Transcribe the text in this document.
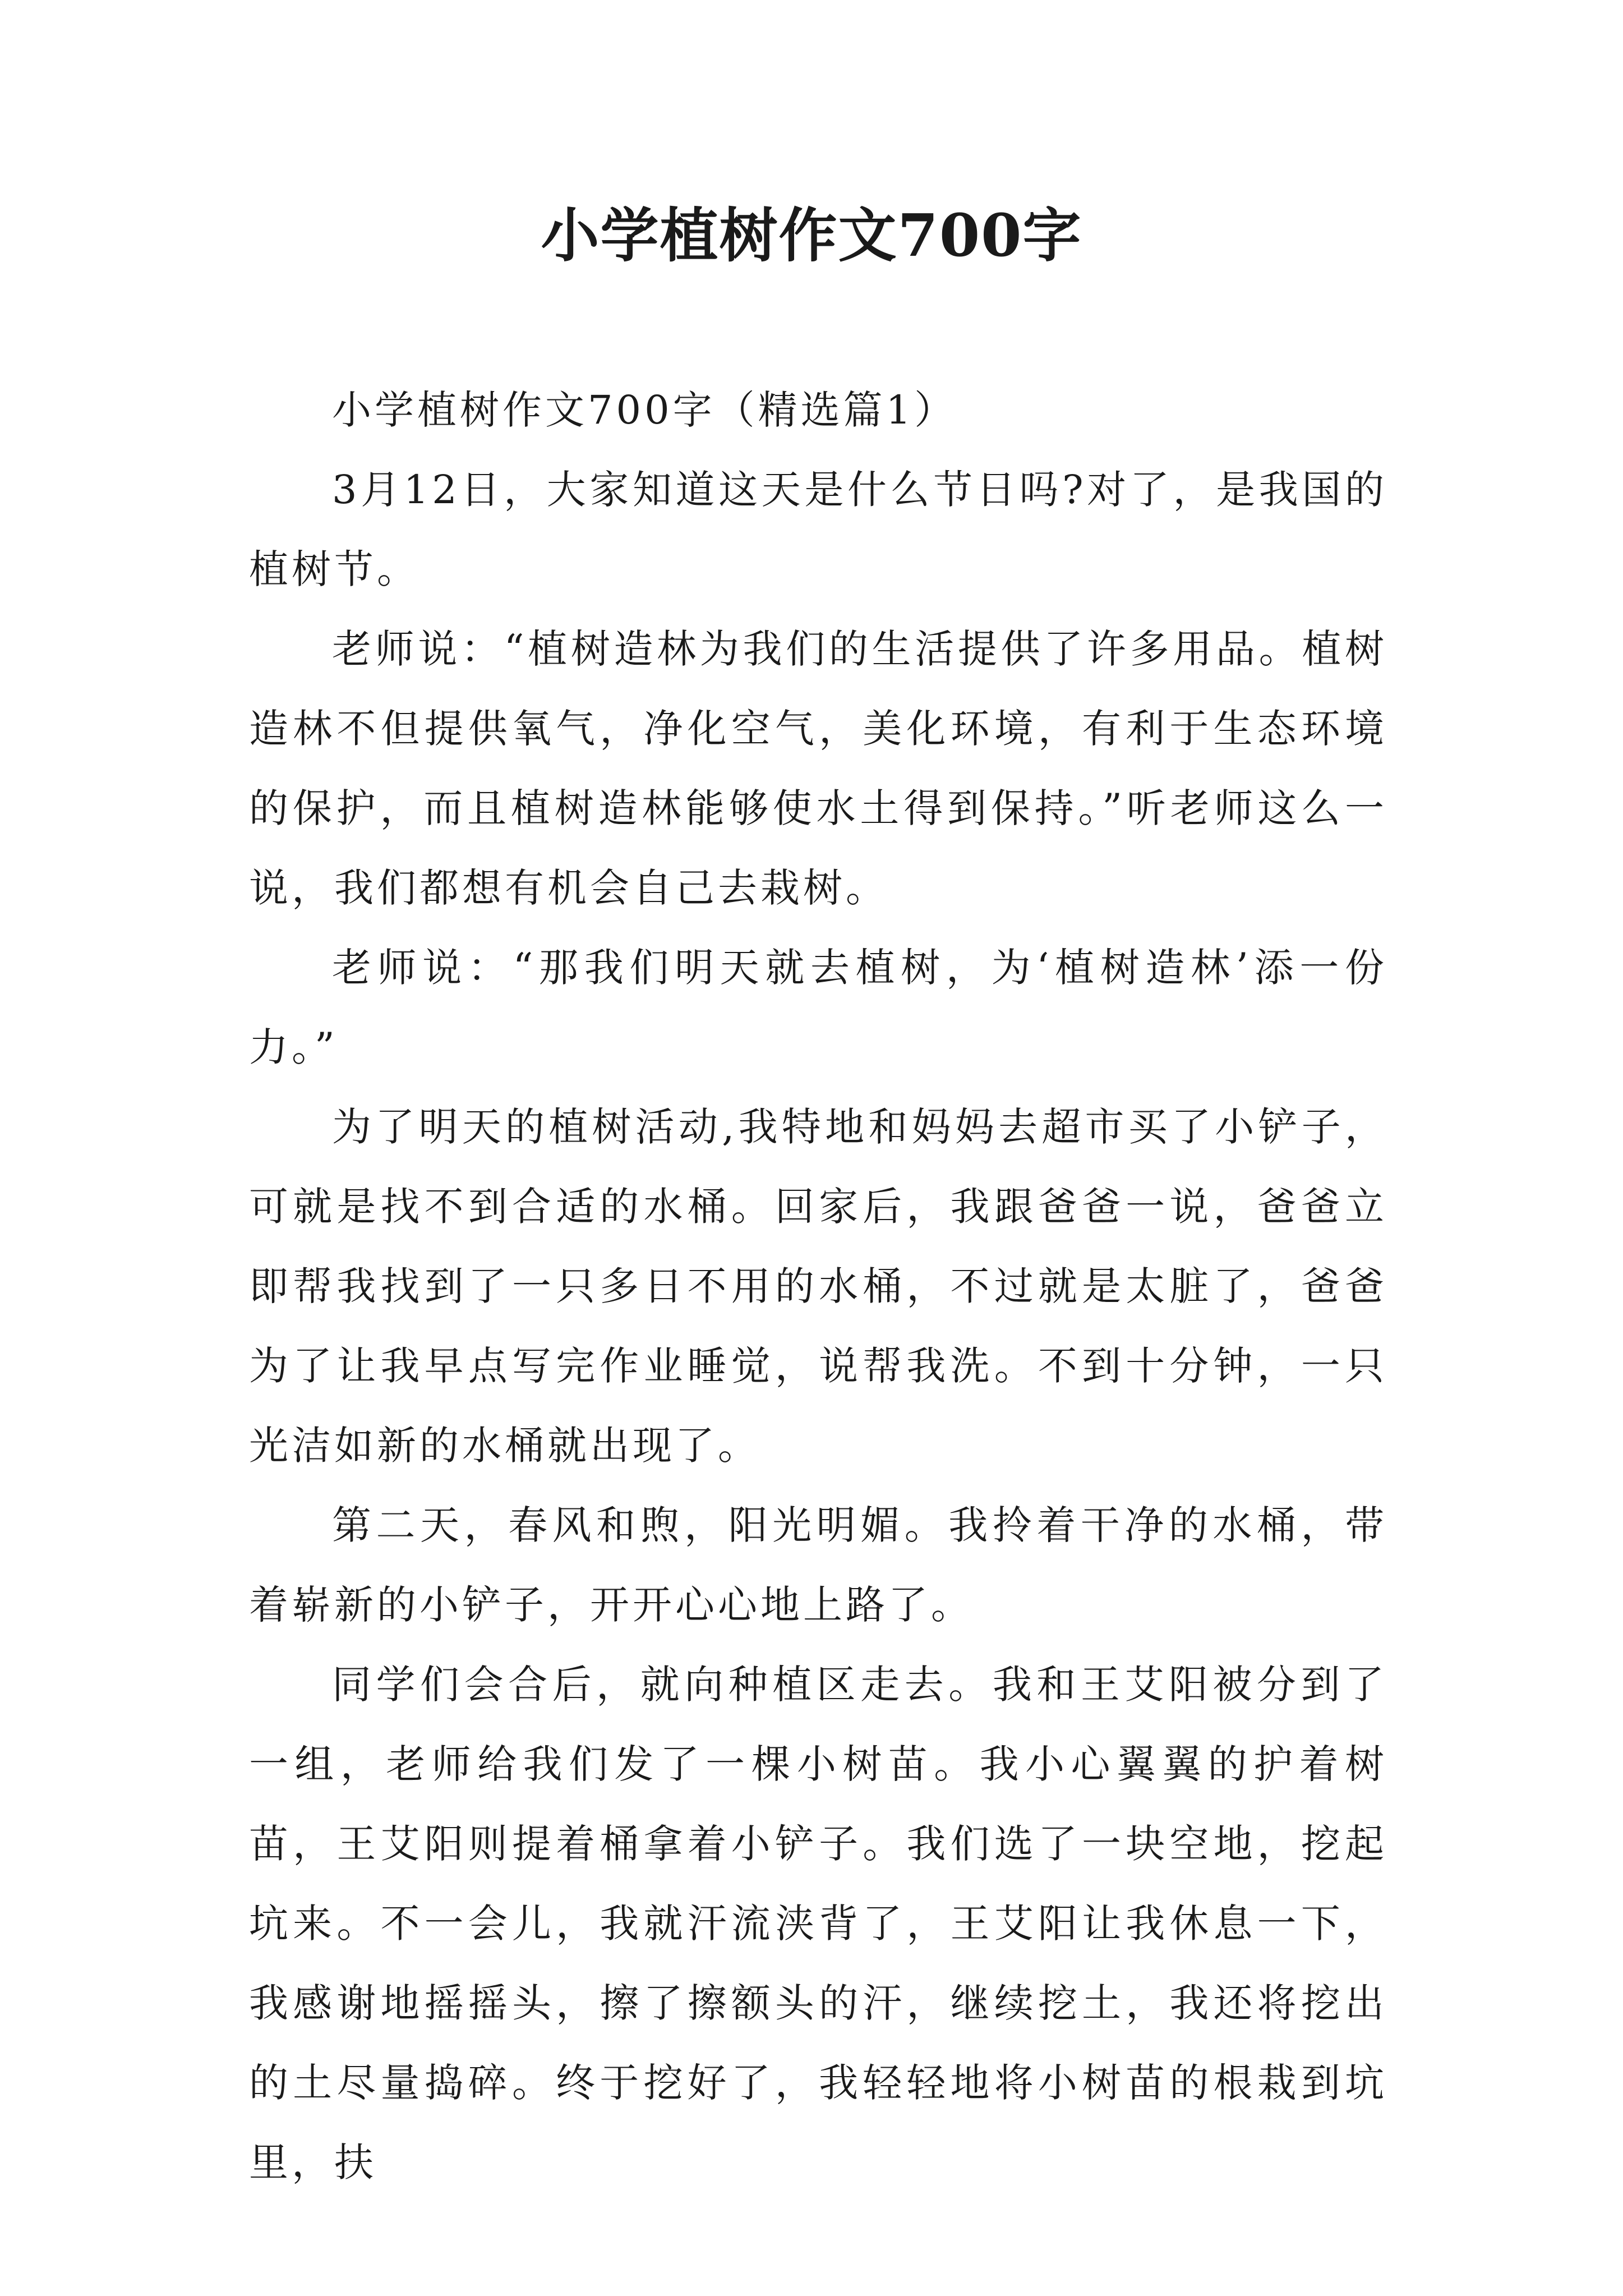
小学植树作文700字

小学植树作文700字（精选篇1）

3月12日，大家知道这天是什么节日吗?对了，是我国的植树节。

老师说：“植树造林为我们的生活提供了许多用品。植树造林不但提供氧气，净化空气，美化环境，有利于生态环境的保护，而且植树造林能够使水土得到保持。”听老师这么一说，我们都想有机会自己去栽树。

老师说：“那我们明天就去植树，为‘植树造林’添一份力。”

为了明天的植树活动,我特地和妈妈去超市买了小铲子，可就是找不到合适的水桶。回家后，我跟爸爸一说，爸爸立即帮我找到了一只多日不用的水桶，不过就是太脏了，爸爸为了让我早点写完作业睡觉，说帮我洗。不到十分钟，一只光洁如新的水桶就出现了。

第二天，春风和煦，阳光明媚。我拎着干净的水桶，带着崭新的小铲子，开开心心地上路了。

同学们会合后，就向种植区走去。我和王艾阳被分到了一组，老师给我们发了一棵小树苗。我小心翼翼的护着树苗，王艾阳则提着桶拿着小铲子。我们选了一块空地，挖起坑来。不一会儿，我就汗流浃背了，王艾阳让我休息一下，我感谢地摇摇头，擦了擦额头的汗，继续挖土，我还将挖出的土尽量捣碎。终于挖好了，我轻轻地将小树苗的根栽到坑里，扶
